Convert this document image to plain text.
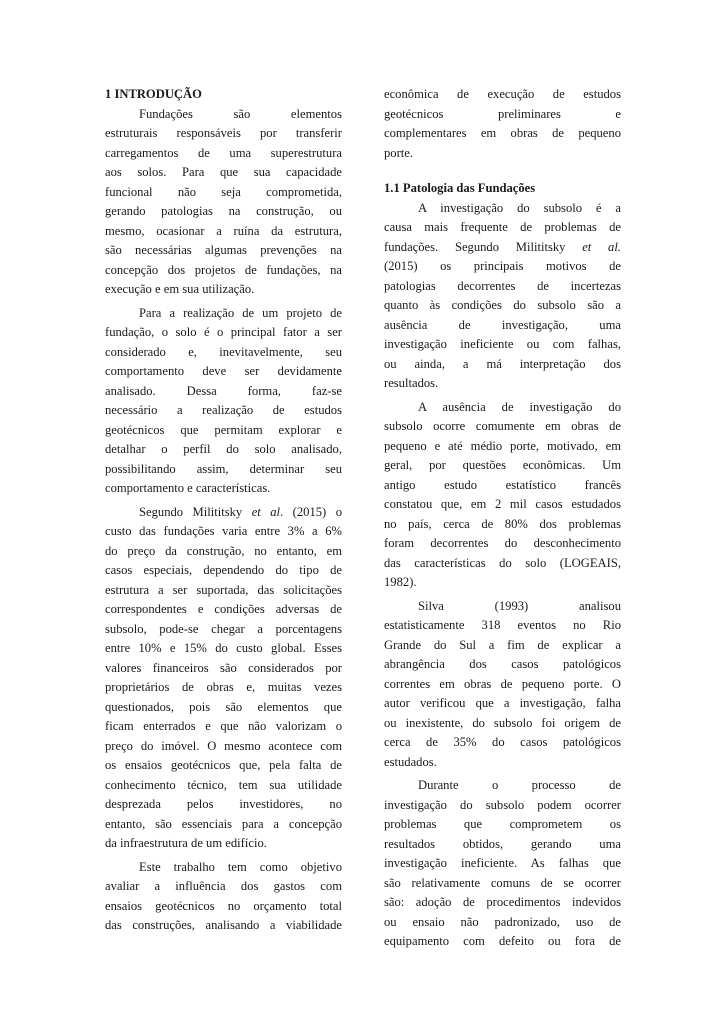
1 INTRODUÇÃO
Fundações são elementos
estruturais responsáveis por transferir
carregamentos de uma superestrutura
aos solos. Para que sua capacidade
funcional não seja comprometida,
gerando patologias na construção, ou
mesmo, ocasionar a ruína da estrutura,
são necessárias algumas prevenções na
concepção dos projetos de fundações, na
execução e em sua utilização.
Para a realização de um projeto de
fundação, o solo é o principal fator a ser
considerado e, inevitavelmente, seu
comportamento deve ser devidamente
analisado. Dessa forma, faz-se
necessário a realização de estudos
geotécnicos que permitam explorar e
detalhar o perfil do solo analisado,
possibilitando assim, determinar seu
comportamento e características.
Segundo Milititsky et al. (2015) o
custo das fundações varia entre 3% a 6%
do preço da construção, no entanto, em
casos especiais, dependendo do tipo de
estrutura a ser suportada, das solicitações
correspondentes e condições adversas de
subsolo, pode-se chegar a porcentagens
entre 10% e 15% do custo global. Esses
valores financeiros são considerados por
proprietários de obras e, muitas vezes
questionados, pois são elementos que
ficam enterrados e que não valorizam o
preço do imóvel. O mesmo acontece com
os ensaios geotécnicos que, pela falta de
conhecimento técnico, tem sua utilidade
desprezada pelos investidores, no
entanto, são essenciais para a concepção
da infraestrutura de um edifício.
Este trabalho tem como objetivo
avaliar a influência dos gastos com
ensaios geotécnicos no orçamento total
das construções, analisando a viabilidade
econômica de execução de estudos
geotécnicos preliminares e
complementares em obras de pequeno
porte.
1.1 Patologia das Fundações
A investigação do subsolo é a
causa mais frequente de problemas de
fundações. Segundo Milititsky et al.
(2015) os principais motivos de
patologias decorrentes de incertezas
quanto às condições do subsolo são a
ausência de investigação, uma
investigação ineficiente ou com falhas,
ou ainda, a má interpretação dos
resultados.
A ausência de investigação do
subsolo ocorre comumente em obras de
pequeno e até médio porte, motivado, em
geral, por questões econômicas. Um
antigo estudo estatístico francês
constatou que, em 2 mil casos estudados
no país, cerca de 80% dos problemas
foram decorrentes do desconhecimento
das características do solo (LOGEAIS,
1982).
Silva (1993) analisou
estatisticamente 318 eventos no Rio
Grande do Sul a fim de explicar a
abrangência dos casos patológicos
correntes em obras de pequeno porte. O
autor verificou que a investigação, falha
ou inexistente, do subsolo foi origem de
cerca de 35% do casos patológicos
estudados.
Durante o processo de
investigação do subsolo podem ocorrer
problemas que comprometem os
resultados obtidos, gerando uma
investigação ineficiente. As falhas que
são relativamente comuns de se ocorrer
são: adoção de procedimentos indevidos
ou ensaio não padronizado, uso de
equipamento com defeito ou fora de
